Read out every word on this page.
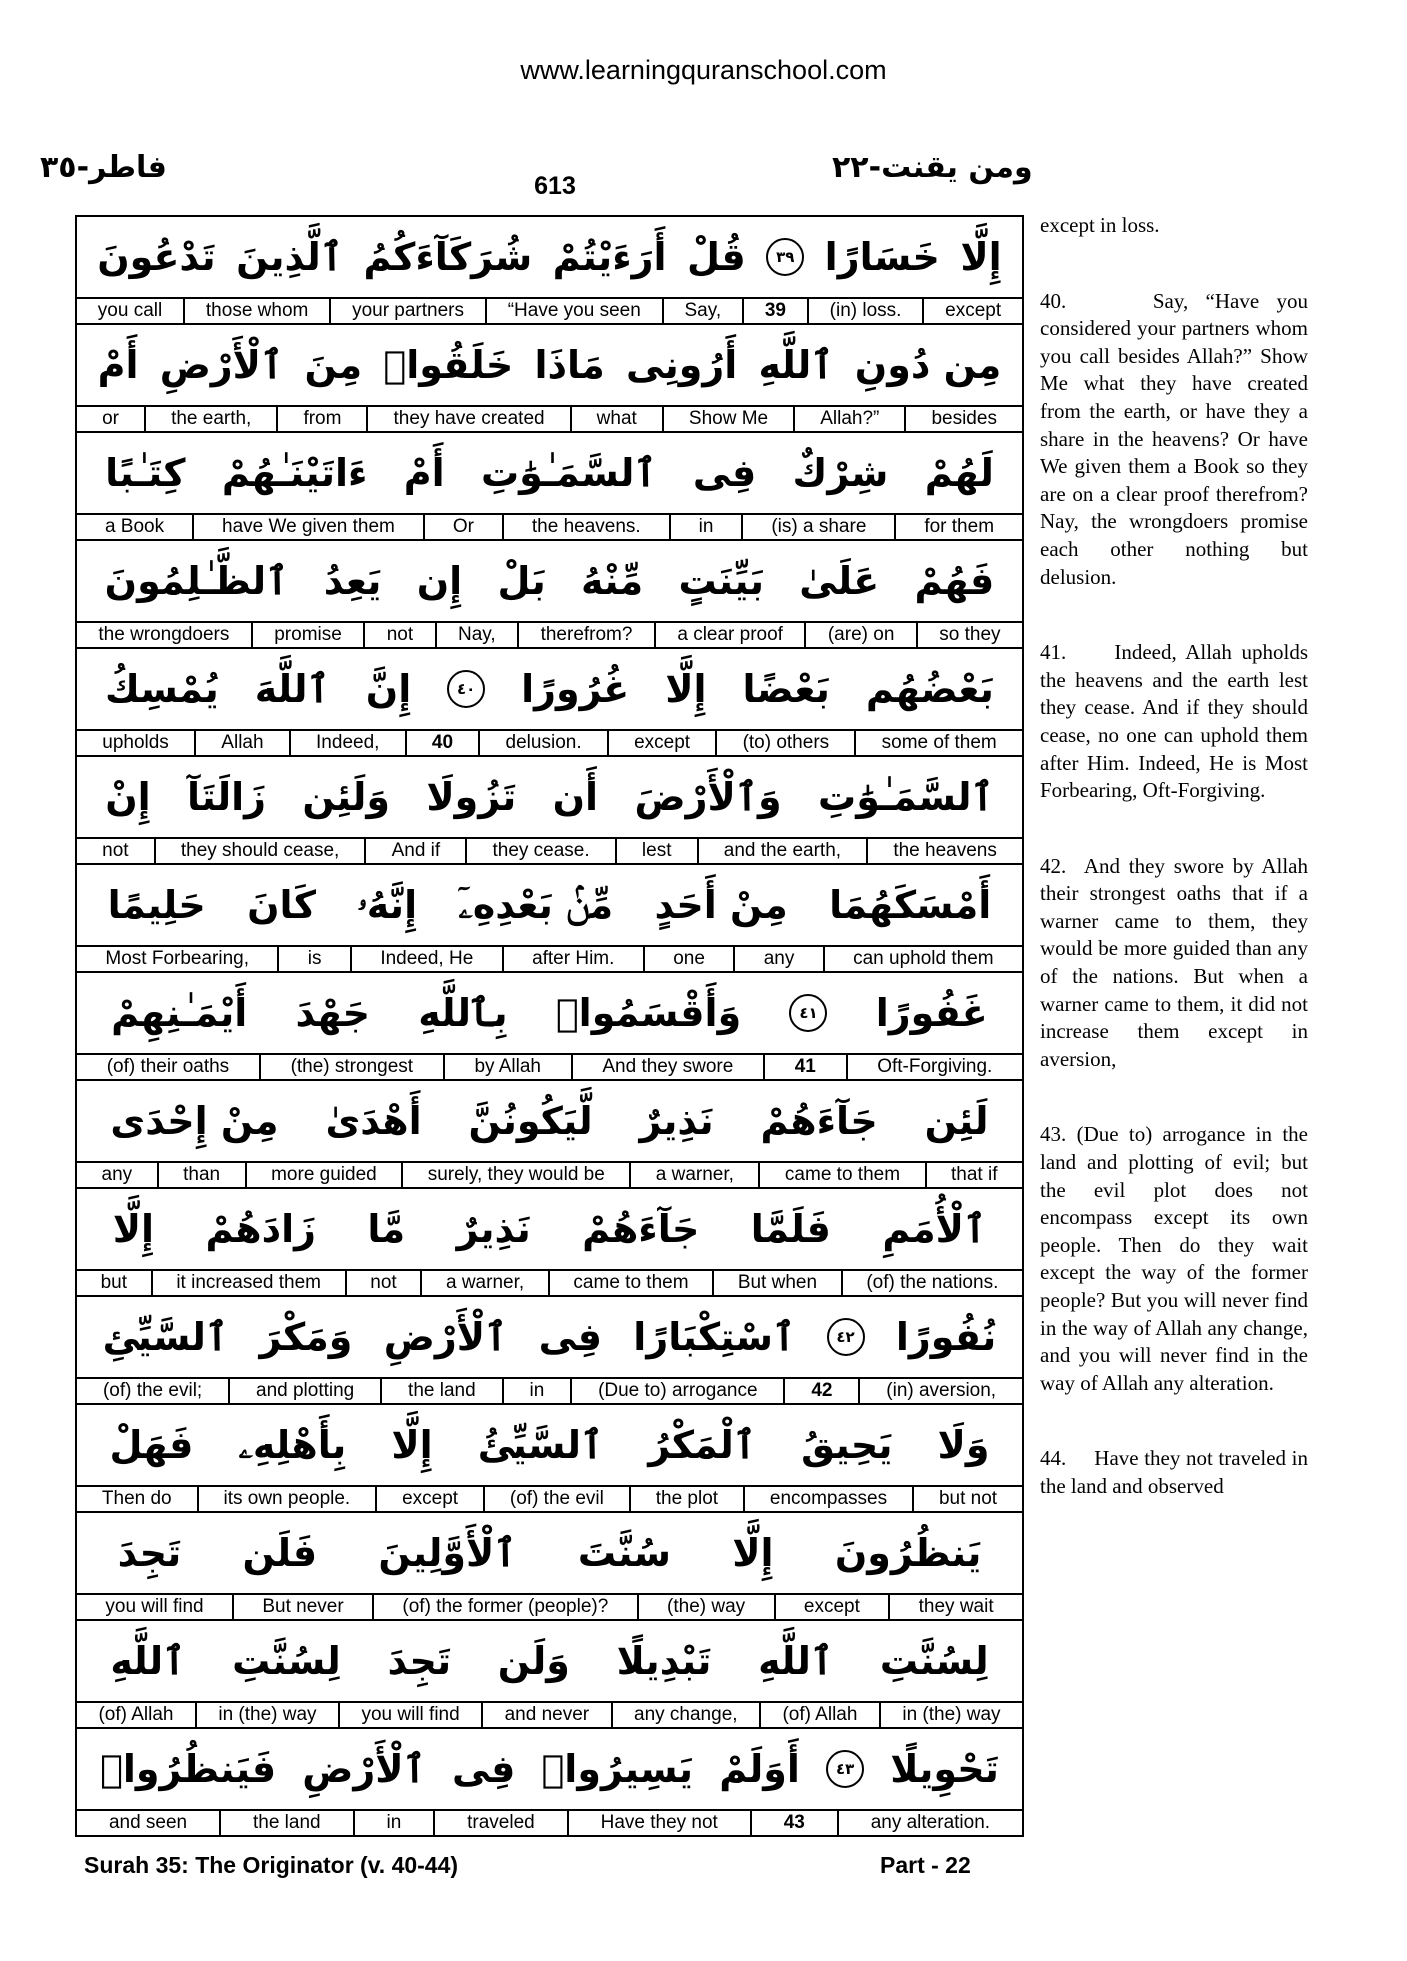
www.learningquranschool.com
فاطر-٣٥
613
ومن يقنت-٢٢
إِلَّا
خَسَارًا
٣٩
قُلْ
أَرَءَيْتُمْ
شُرَكَآءَكُمُ
ٱلَّذِينَ
تَدْعُونَ
except
(in) loss.
39
Say,
“Have you seen
your partners
those whom
you call
مِن دُونِ
ٱللَّهِ
أَرُونِى
مَاذَا
خَلَقُوا۟
مِنَ
ٱلْأَرْضِ
أَمْ
besides
Allah?”
Show Me
what
they have created
from
the earth,
or
لَهُمْ
شِرْكٌ
فِى
ٱلسَّمَـٰوَٰتِ
أَمْ
ءَاتَيْنَـٰهُمْ
كِتَـٰبًا
for them
(is) a share
in
the heavens.
Or
have We given them
a Book
فَهُمْ
عَلَىٰ
بَيِّنَتٍ
مِّنْهُ
بَلْ
إِن
يَعِدُ
ٱلظَّـٰلِمُونَ
so they
(are) on
a clear proof
therefrom?
Nay,
not
promise
the wrongdoers
بَعْضُهُم
بَعْضًا
إِلَّا
غُرُورًا
٤٠
إِنَّ
ٱللَّهَ
يُمْسِكُ
some of them
(to) others
except
delusion.
40
Indeed,
Allah
upholds
ٱلسَّمَـٰوَٰتِ
وَٱلْأَرْضَ
أَن
تَزُولَا
وَلَئِن
زَالَتَآ
إِنْ
the heavens
and the earth,
lest
they cease.
And if
they should cease,
not
أَمْسَكَهُمَا
مِنْ أَحَدٍ
مِّنۢ بَعْدِهِۦٓ
إِنَّهُۥ
كَانَ
حَلِيمًا
can uphold them
any
one
after Him.
Indeed, He
is
Most Forbearing,
غَفُورًا
٤١
وَأَقْسَمُوا۟
بِٱللَّهِ
جَهْدَ
أَيْمَـٰنِهِمْ
Oft-Forgiving.
41
And they swore
by Allah
(the) strongest
(of) their oaths
لَئِن
جَآءَهُمْ
نَذِيرٌ
لَّيَكُونُنَّ
أَهْدَىٰ
مِنْ إِحْدَى
that if
came to them
a warner,
surely, they would be
more guided
than
any
ٱلْأُمَمِ
فَلَمَّا
جَآءَهُمْ
نَذِيرٌ
مَّا
زَادَهُمْ
إِلَّا
(of) the nations.
But when
came to them
a warner,
not
it increased them
but
نُفُورًا
٤٢
ٱسْتِكْبَارًا
فِى
ٱلْأَرْضِ
وَمَكْرَ
ٱلسَّيِّئِ
(in) aversion,
42
(Due to) arrogance
in
the land
and plotting
(of) the evil;
وَلَا
يَحِيقُ
ٱلْمَكْرُ
ٱلسَّيِّئُ
إِلَّا
بِأَهْلِهِۦ
فَهَلْ
but not
encompasses
the plot
(of) the evil
except
its own people.
Then do
يَنظُرُونَ
إِلَّا
سُنَّتَ
ٱلْأَوَّلِينَ
فَلَن
تَجِدَ
they wait
except
(the) way
(of) the former (people)?
But never
you will find
لِسُنَّتِ
ٱللَّهِ
تَبْدِيلًا
وَلَن
تَجِدَ
لِسُنَّتِ
ٱللَّهِ
in (the) way
(of) Allah
any change,
and never
you will find
in (the) way
(of) Allah
تَحْوِيلًا
٤٣
أَوَلَمْ
يَسِيرُوا۟
فِى
ٱلْأَرْضِ
فَيَنظُرُوا۟
any alteration.
43
Have they not
traveled
in
the land
and seen

except in loss.

40.     Say, “Have you considered your partners whom you call besides Allah?” Show Me what they have created from the earth, or have they a share in the heavens? Or have We given them a Book so they are on a clear proof therefrom? Nay, the wrongdoers promise each other nothing but delusion.

41.     Indeed, Allah upholds the heavens and the earth lest they cease. And if they should cease, no one can uphold them after Him. Indeed, He is Most Forbearing, Oft-Forgiving.

42.  And they swore by Allah their strongest oaths that if a warner came to them, they would be more guided than any of the nations. But when a warner came to them, it did not increase them except in aversion,

43. (Due to) arrogance in the land and plotting of evil; but the evil plot does not encompass except its own people. Then do they wait except the way of the former people? But you will never find in the way of Allah any change, and you will never find in the way of Allah any alteration.

44.     Have they not traveled in the land and observed

Surah 35: The Originator (v. 40-44)	Part - 22
